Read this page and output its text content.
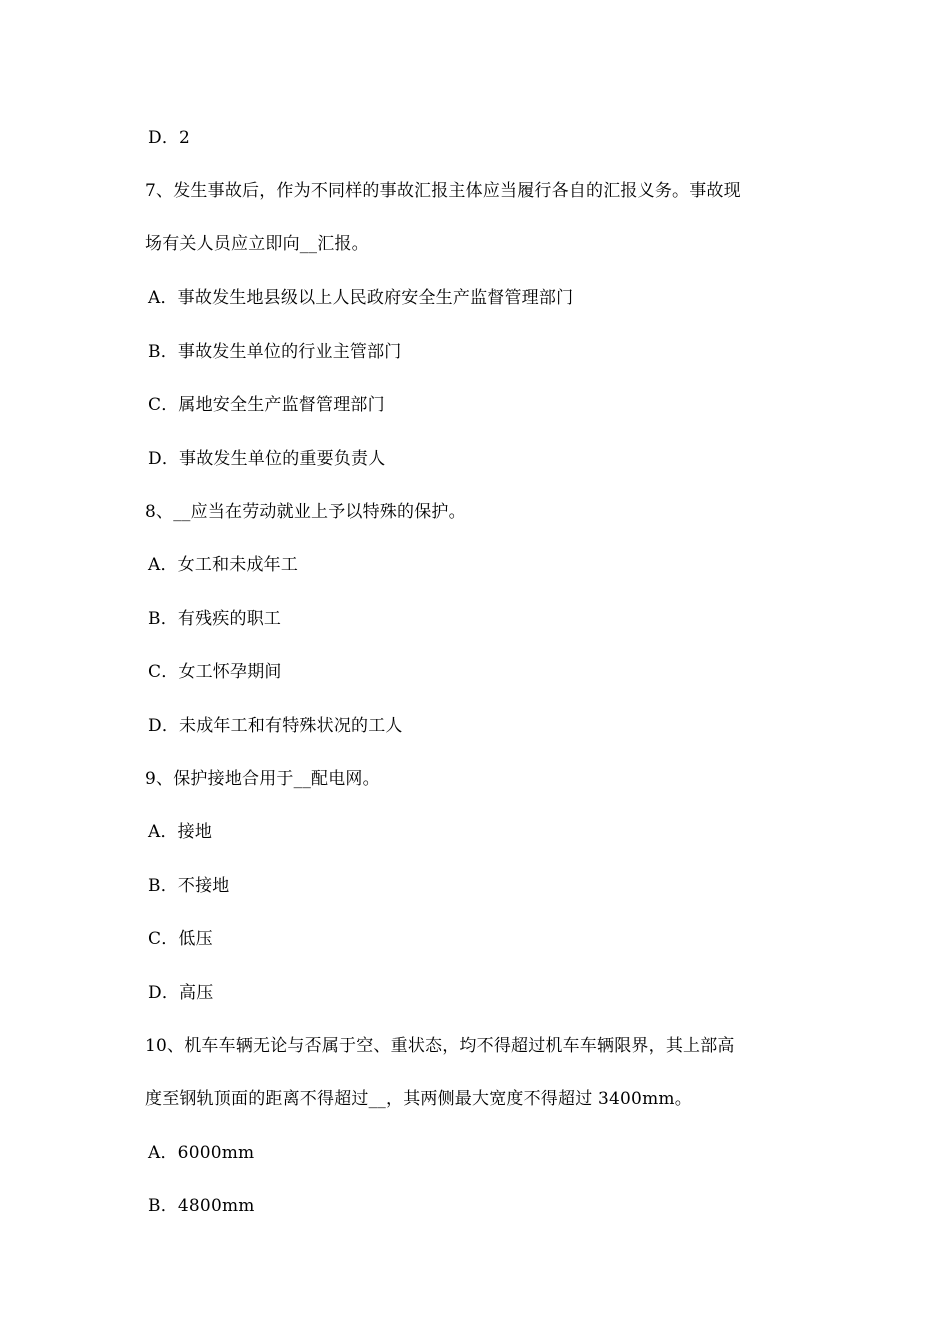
D．2
7、发生事故后，作为不同样的事故汇报主体应当履行各自的汇报义务。事故现
场有关人员应立即向__汇报。
A．事故发生地县级以上人民政府安全生产监督管理部门
B．事故发生单位的行业主管部门
C．属地安全生产监督管理部门
D．事故发生单位的重要负责人
8、__应当在劳动就业上予以特殊的保护。
A．女工和未成年工
B．有残疾的职工
C．女工怀孕期间
D．未成年工和有特殊状况的工人
9、保护接地合用于__配电网。
A．接地
B．不接地
C．低压
D．高压
10、机车车辆无论与否属于空、重状态，均不得超过机车车辆限界，其上部高
度至钢轨顶面的距离不得超过__，其两侧最大宽度不得超过 3400mm。
A．6000mm
B．4800mm
